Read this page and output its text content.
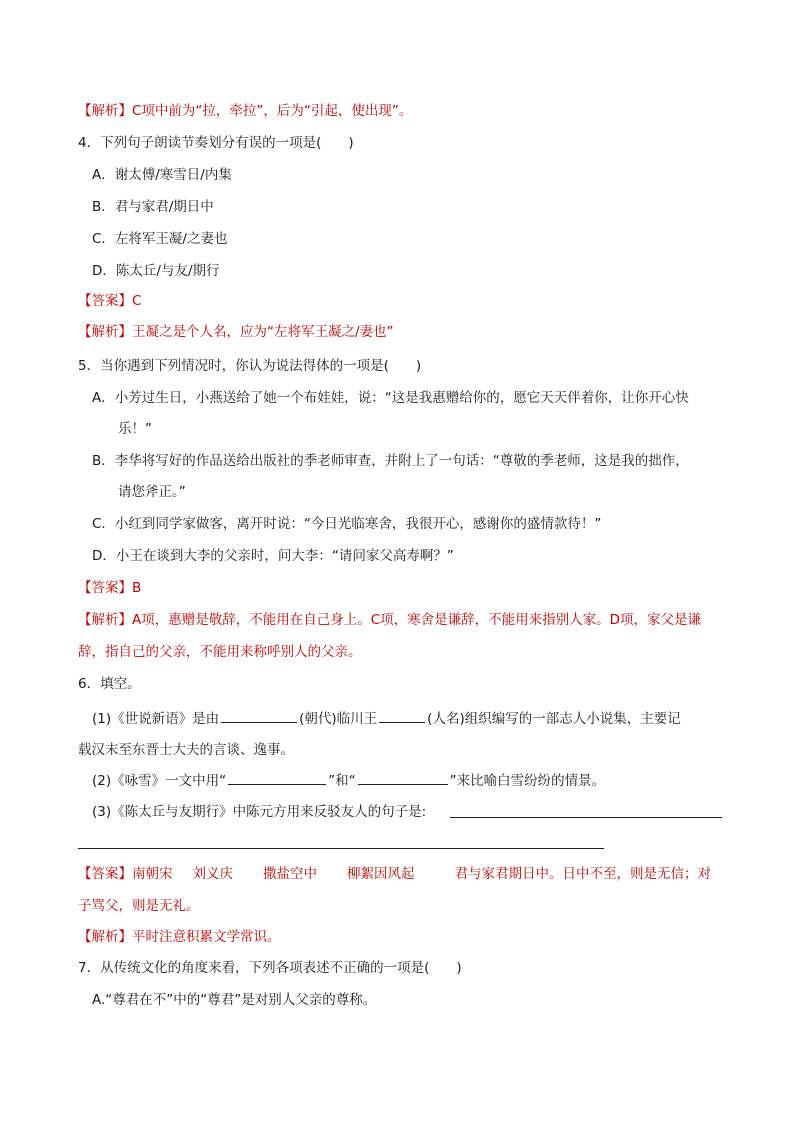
【解析】C项中前为“拉，牵拉”，后为“引起，使出现”。
4．下列句子朗读节奏划分有误的一项是(　　)
A．谢太傅/寒雪日/内集
B．君与家君/期日中
C．左将军王凝/之妻也
D．陈太丘/与友/期行
【答案】C
【解析】王凝之是个人名，应为“左将军王凝之/妻也”
5．当你遇到下列情况时，你认为说法得体的一项是(　　)
A．小芳过生日，小燕送给了她一个布娃娃，说：“这是我惠赠给你的，愿它天天伴着你，让你开心快
乐！”
B．李华将写好的作品送给出版社的季老师审查，并附上了一句话：“尊敬的季老师，这是我的拙作，
请您斧正。”
C．小红到同学家做客，离开时说：“今日光临寒舍，我很开心，感谢你的盛情款待！”
D．小王在谈到大李的父亲时，问大李：“请问家父高寿啊？”
【答案】B
【解析】A项，惠赠是敬辞，不能用在自己身上。C项，寒舍是谦辞，不能用来指别人家。D项，家父是谦
辞，指自己的父亲，不能用来称呼别人的父亲。
6．填空。
(1)《世说新语》是由	(朝代)临川王	(人名)组织编写的一部志人小说集，主要记
载汉末至东晋士大夫的言谈、逸事。
(2)《咏雪》一文中用“	”和“	”来比喻白雪纷纷的情景。
(3)《陈太丘与友期行》中陈元方用来反驳友人的句子是:
【答案】南朝宋 刘义庆 撒盐空中 柳絮因风起	君与家君期日中。日中不至，则是无信；对
子骂父，则是无礼。
【解析】平时注意积累文学常识。
7．从传统文化的角度来看，下列各项表述不正确的一项是(　　)
A.“尊君在不”中的“尊君”是对别人父亲的尊称。
